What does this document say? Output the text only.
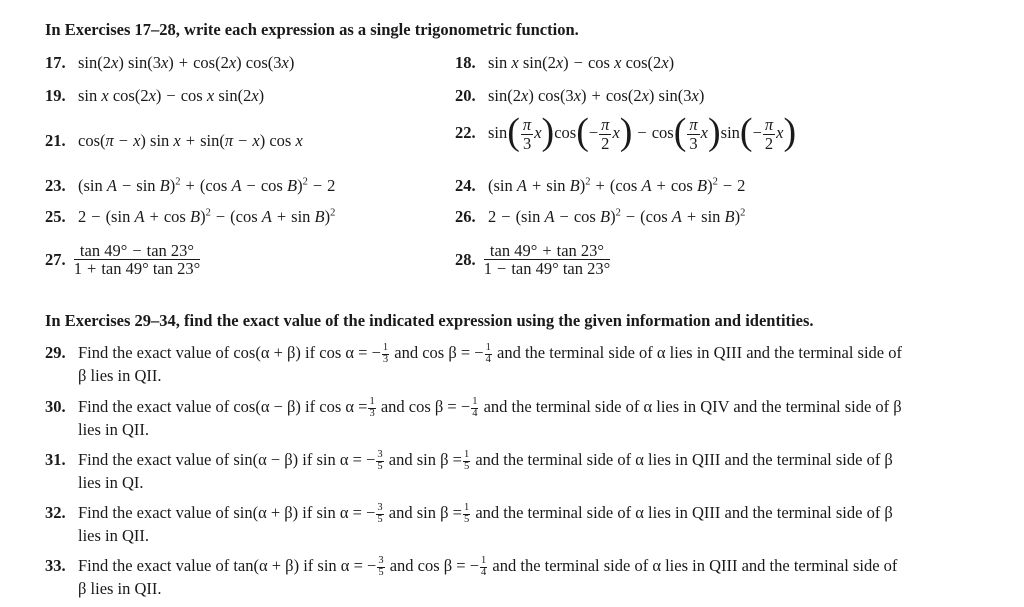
In Exercises 17–28, write each expression as a single trigonometric function.
17.   sin(2x) sin(3x) + cos(2x) cos(3x)	18.   sin x sin(2x) − cos x cos(2x)
19.   sin x cos(2x) − cos x sin(2x)	20.   sin(2x) cos(3x) + cos(2x) sin(3x)
21.   cos(π − x) sin x + sin(π − x) cos x	22.   $\sin( \frac{\pi}{3} x)\cos(- \frac{\pi}{2} x) - \cos( \frac{\pi}{3} x)\sin(- \frac{\pi}{2} x)$
23.   (sin A − sin B)$^2$ + (cos A − cos B)$^2$ − 2	24.   (sin A + sin B)$^2$ + (cos A + cos B)$^2$ − 2
25.   2 − (sin A + cos B)$^2$ − (cos A + sin B)$^2$	26.   2 − (sin A − cos B)$^2$ − (cos A + sin B)$^2$
27. $\frac{\tan 49^\circ - \tan 23^\circ}{1 + \tan 49^\circ \tan 23^\circ}$	28. $\frac{\tan 49^\circ + \tan 23^\circ}{1 - \tan 49^\circ \tan 23^\circ}$
In Exercises 29–34, find the exact value of the indicated expression using the given information and identities.
29. Find the exact value of cos(α + β) if cos α = − $\frac{1}{3}$ and cos β = − $\frac{1}{4}$ and the terminal side of α lies in QIII and the terminal side of
β lies in QII.
30. Find the exact value of cos(α − β) if $\cos \alpha = \frac{1}{3}$ and cos β = − $\frac{1}{4}$ and the terminal side of α lies in QIV and the terminal side of β
lies in QII.
31. Find the exact value of sin(α − β) if sin α = − $\frac{3}{5}$ and $\sin \beta = \frac{1}{5}$ and the terminal side of α lies in QIII and the terminal side of β
lies in QI.
32. Find the exact value of sin(α + β) if sin α = − $\frac{3}{5}$ and $\sin \beta = \frac{1}{5}$ and the terminal side of α lies in QIII and the terminal side of β
lies in QII.
33. Find the exact value of tan(α + β) if sin α = − $\frac{3}{5}$ and cos β = − $\frac{1}{4}$ and the terminal side of α lies in QIII and the terminal side of
β lies in QII.
